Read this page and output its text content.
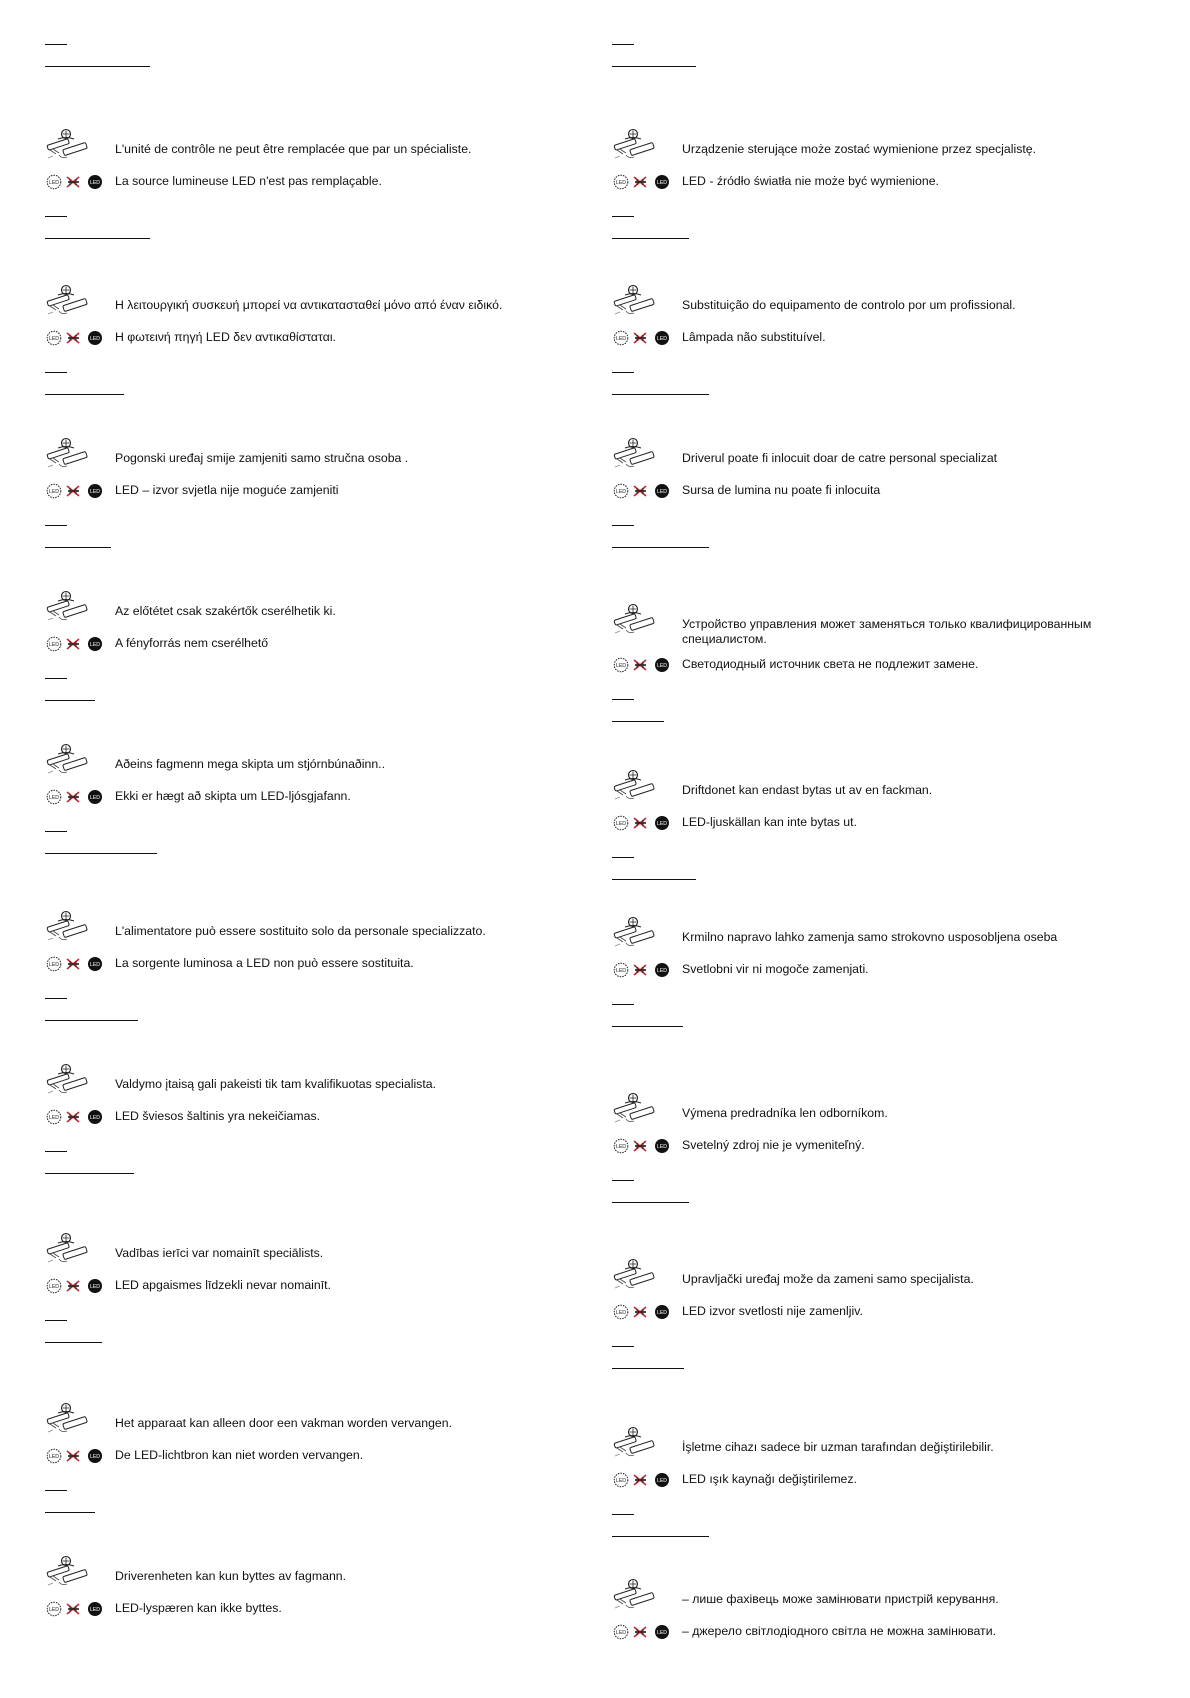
L'unité de contrôle ne peut être remplacée que par un spécialiste.
La source lumineuse LED n'est pas remplaçable.
LED	LED
Η λειτουργική συσκευή μπορεί να αντικατασταθεί μόνο από έναν ειδικό.
Η φωτεινή πηγή LED δεν αντικαθίσταται.
LED	LED
Pogonski uređaj smije zamjeniti samo stručna osoba .
LED – izvor svjetla nije moguće zamjeniti
LED	LED
Az előtétet csak szakértők cserélhetik ki.
A fényforrás nem cserélhető
LED	LED
Aðeins fagmenn mega skipta um stjórnbúnaðinn..
Ekki er hægt að skipta um LED-ljósgjafann.
LED	LED
L'alimentatore può essere sostituito solo da personale specializzato.
La sorgente luminosa a LED non può essere sostituita.
LED	LED
Valdymo įtaisą gali pakeisti tik tam kvalifikuotas specialista.
LED šviesos šaltinis yra nekeičiamas.
LED	LED
Vadības ierīci var nomainīt speciālists.
LED apgaismes līdzekli nevar nomainīt.
LED	LED
Het apparaat kan alleen door een vakman worden vervangen.
De LED-lichtbron kan niet worden vervangen.
LED	LED
Driverenheten kan kun byttes av fagmann.
LED-lyspæren kan ikke byttes.
LED	LED
Urządzenie sterujące może zostać wymienione przez specjalistę.
LED - źródło światła nie może być wymienione.
LED	LED
Substituição do equipamento de controlo por um profissional.
Lâmpada não substituível.
LED	LED
Driverul poate fi inlocuit doar de catre personal specializat
Sursa de lumina nu poate fi inlocuita
LED	LED
Устройство управления может заменяться только квалифицированным специалистом.
Светодиодный источник света не подлежит замене.
LED	LED
Driftdonet kan endast bytas ut av en fackman.
LED-ljuskällan kan inte bytas ut.
LED	LED
Krmilno napravo lahko zamenja samo strokovno usposobljena oseba
Svetlobni vir ni mogoče zamenjati.
LED	LED
Výmena predradníka len odborníkom.
Svetelný zdroj nie je vymeniteľný.
LED	LED
Upravljački uređaj može da zameni samo specijalista.
LED izvor svetlosti nije zamenljiv.
LED	LED
İşletme cihazı sadece bir uzman tarafından değiştirilebilir.
LED ışık kaynağı değiştirilemez.
LED	LED
– лише фахівець може замінювати пристрій керування.
– джерело світлодіодного світла не можна замінювати.
LED	LED
